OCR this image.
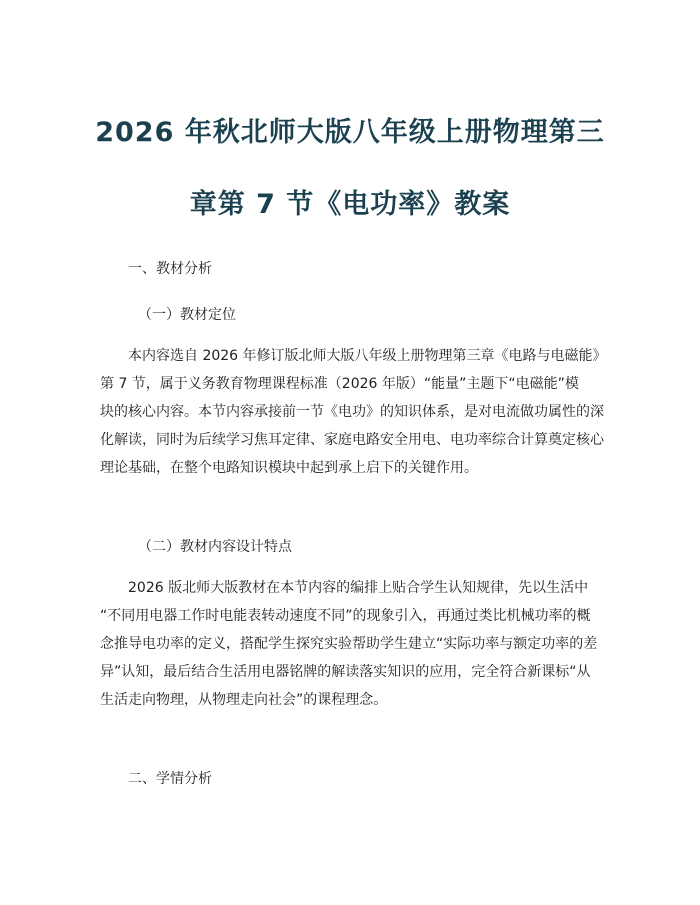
2026 年秋北师大版八年级上册物理第三
章第 7 节《电功率》教案
一、教材分析
（一）教材定位
本内容选自 2026 年修订版北师大版八年级上册物理第三章《电路与电磁能》
第 7 节，属于义务教育物理课程标准（2026 年版）“能量”主题下“电磁能”模
块的核心内容。本节内容承接前一节《电功》的知识体系，是对电流做功属性的深
化解读，同时为后续学习焦耳定律、家庭电路安全用电、电功率综合计算奠定核心
理论基础，在整个电路知识模块中起到承上启下的关键作用。
（二）教材内容设计特点
2026 版北师大版教材在本节内容的编排上贴合学生认知规律，先以生活中
“不同用电器工作时电能表转动速度不同”的现象引入，再通过类比机械功率的概
念推导电功率的定义，搭配学生探究实验帮助学生建立“实际功率与额定功率的差
异”认知，最后结合生活用电器铭牌的解读落实知识的应用，完全符合新课标“从
生活走向物理，从物理走向社会”的课程理念。
二、学情分析
